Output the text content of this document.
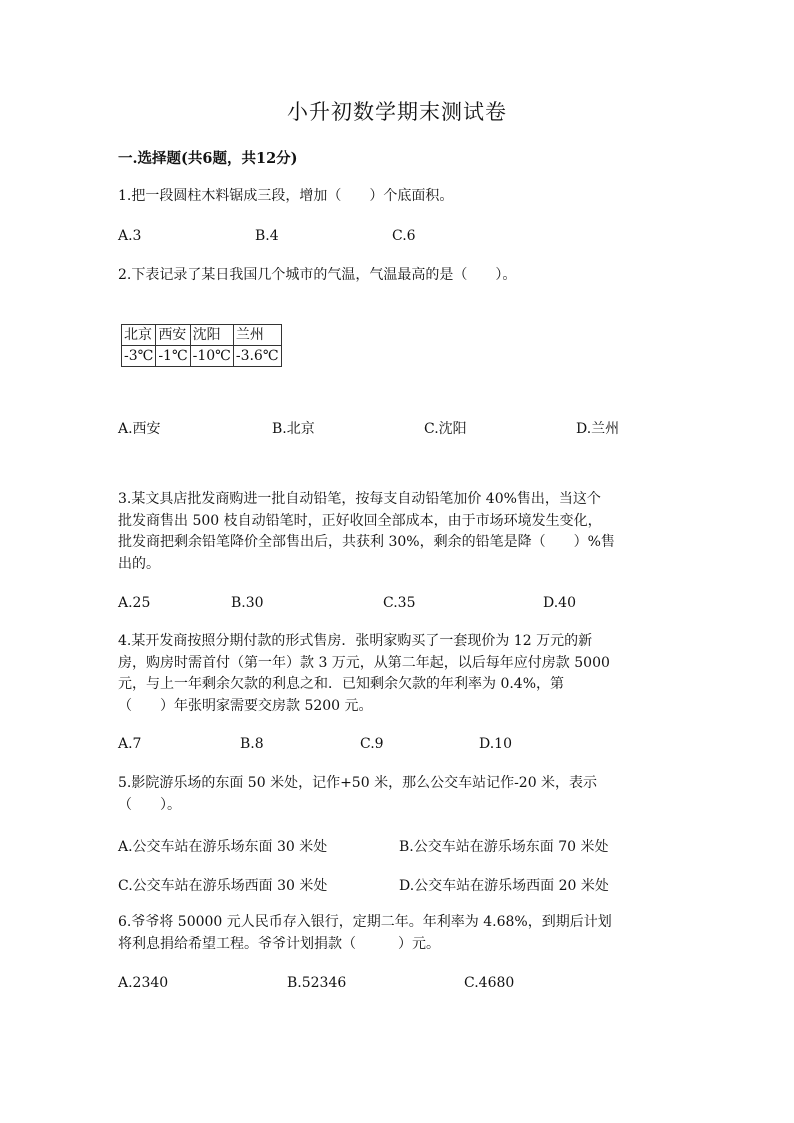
小升初数学期末测试卷
一.选择题(共6题，共12分)
1.把一段圆柱木料锯成三段，增加（　　）个底面积。
A.3	B.4	C.6
2.下表记录了某日我国几个城市的气温，气温最高的是（　　）。
北京	西安	沈阳	兰州
-3℃	-1℃	-10℃	-3.6℃
A.西安	B.北京	C.沈阳	D.兰州
3.某文具店批发商购进一批自动铅笔，按每支自动铅笔加价 40%售出，当这个
批发商售出 500 枝自动铅笔时，正好收回全部成本，由于市场环境发生变化，
批发商把剩余铅笔降价全部售出后，共获利 30%，剩余的铅笔是降（　　）%售
出的。
A.25	B.30	C.35	D.40
4.某开发商按照分期付款的形式售房．张明家购买了一套现价为 12 万元的新
房，购房时需首付（第一年）款 3 万元，从第二年起，以后每年应付房款 5000
元，与上一年剩余欠款的利息之和．已知剩余欠款的年利率为 0.4%，第
（　　）年张明家需要交房款 5200 元。
A.7	B.8	C.9	D.10
5.影院游乐场的东面 50 米处，记作+50 米，那么公交车站记作-20 米，表示
（　　）。
A.公交车站在游乐场东面 30 米处	B.公交车站在游乐场东面 70 米处
C.公交车站在游乐场西面 30 米处	D.公交车站在游乐场西面 20 米处
6.爷爷将 50000 元人民币存入银行，定期二年。年利率为 4.68%，到期后计划
将利息捐给希望工程。爷爷计划捐款（　　　）元。
A.2340	B.52346	C.4680
